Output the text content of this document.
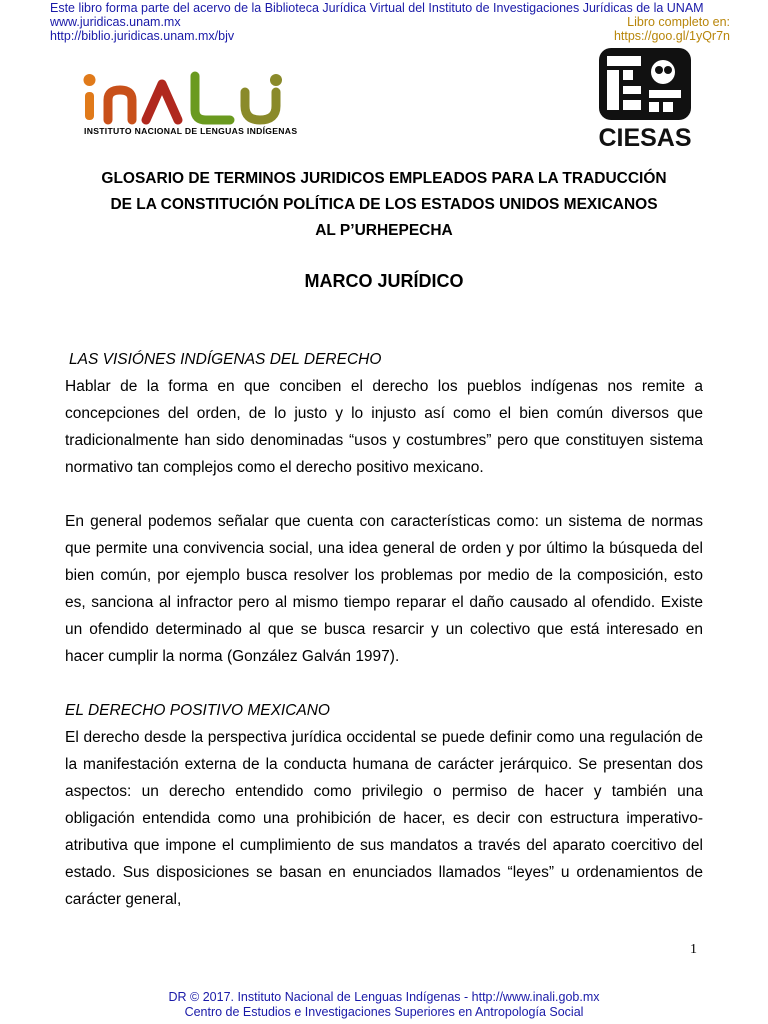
Este libro forma parte del acervo de la Biblioteca Jurídica Virtual del Instituto de Investigaciones Jurídicas de la UNAM
www.juridicas.unam.mx
http://biblio.juridicas.unam.mx/bjv
Libro completo en:
https://goo.gl/1yQr7n
INSTITUTO NACIONAL DE LENGUAS INDÍGENAS	CIESAS
GLOSARIO DE TERMINOS JURIDICOS EMPLEADOS PARA LA TRADUCCIÓN
DE LA CONSTITUCIÓN POLÍTICA DE LOS ESTADOS UNIDOS MEXICANOS
AL P’URHEPECHA
MARCO JURÍDICO

LAS VISIÓNES INDÍGENAS DEL DERECHO

Hablar de la forma en que conciben el derecho los pueblos indígenas nos remite a concepciones del orden, de lo justo y lo injusto así como el bien común diversos que tradicionalmente han sido denominadas “usos y costumbres” pero que constituyen sistema normativo tan complejos como el derecho positivo mexicano.

En general podemos señalar que cuenta con características como: un sistema de normas que permite una convivencia social, una idea general de orden y por último la búsqueda del bien común, por ejemplo busca resolver los problemas por medio de la composición, esto es, sanciona al infractor pero al mismo tiempo reparar el daño causado al ofendido. Existe un ofendido determinado al que se busca resarcir y un colectivo que está interesado en hacer cumplir la norma (González Galván 1997).

EL DERECHO POSITIVO MEXICANO

El derecho desde la perspectiva jurídica occidental se puede definir como una regulación de la manifestación externa de la conducta humana de carácter jerárquico. Se presentan dos aspectos: un derecho entendido como privilegio o permiso de hacer y también una obligación entendida como una prohibición de hacer, es decir con estructura imperativo-atributiva que impone el cumplimiento de sus mandatos a través del aparato coercitivo del estado. Sus disposiciones se basan en enunciados llamados “leyes” u ordenamientos de carácter general,

1
DR © 2017. Instituto Nacional de Lenguas Indígenas - http://www.inali.gob.mx
Centro de Estudios e Investigaciones Superiores en Antropología Social
